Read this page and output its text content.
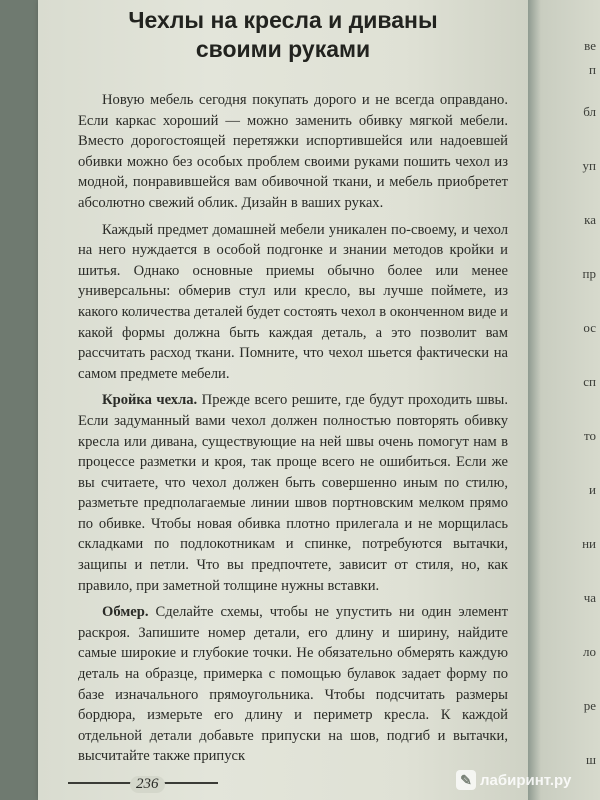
Чехлы на кресла и диваны
своими руками

Новую мебель сегодня покупать дорого и не всегда оправдано. Если каркас хороший — можно заменить обивку мягкой мебели. Вместо дорогостоящей перетяжки испортившейся или надоевшей обивки можно без особых проблем своими руками пошить чехол из модной, понравившейся вам обивочной ткани, и мебель приобретет абсолютно свежий облик. Дизайн в ваших руках.

Каждый предмет домашней мебели уникален по-своему, и чехол на него нуждается в особой подгонке и знании методов кройки и шитья. Однако основные приемы обычно более или менее универсальны: обмерив стул или кресло, вы лучше поймете, из какого количества деталей будет состоять чехол в оконченном виде и какой формы должна быть каждая деталь, а это позволит вам рассчитать расход ткани. Помните, что чехол шьется фактически на самом предмете мебели.

Кройка чехла. Прежде всего решите, где будут проходить швы. Если задуманный вами чехол должен полностью повторять обивку кресла или дивана, существующие на ней швы очень помогут нам в процессе разметки и кроя, так проще всего не ошибиться. Если же вы считаете, что чехол должен быть совершенно иным по стилю, разметьте предполагаемые линии швов портновским мелком прямо по обивке. Чтобы новая обивка плотно прилегала и не морщилась складками по подлокотникам и спинке, потребуются вытачки, защипы и петли. Что вы предпочтете, зависит от стиля, но, как правило, при заметной толщине нужны вставки.

Обмер. Сделайте схемы, чтобы не упустить ни один элемент раскроя. Запишите номер детали, его длину и ширину, найдите самые широкие и глубокие точки. Не обязательно обмерять каждую деталь на образце, примерка с помощью булавок задает форму по базе изначального прямоугольника. Чтобы подсчитать размеры бордюра, измерьте его длину и периметр кресла. К каждой отдельной детали добавьте припуски на шов, подгиб и вытачки, высчитайте также припуск

236
ве
п
бл
уп
ка
пр
ос
сп
то
и
ни
ча
ло
ре
ш
✎ лабиринт.ру
